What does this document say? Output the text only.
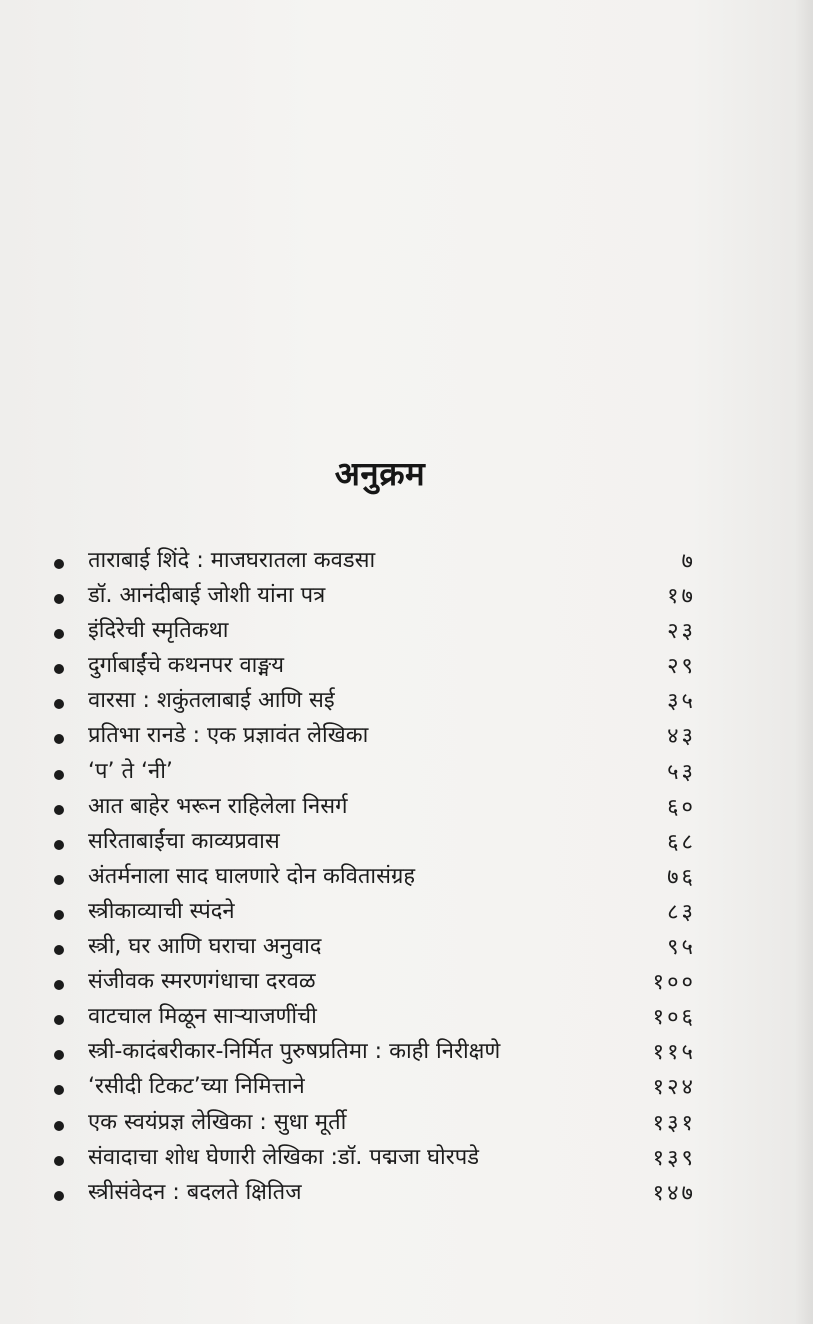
अनुक्रम
ताराबाई शिंदे : माजघरातला कवडसा	७
डॉ. आनंदीबाई जोशी यांना पत्र	१७
इंदिरेची स्मृतिकथा	२३
दुर्गाबाईंचे कथनपर वाङ्मय	२९
वारसा : शकुंतलाबाई आणि सई	३५
प्रतिभा रानडे : एक प्रज्ञावंत लेखिका	४३
‘प’ ते ‘नी’	५३
आत बाहेर भरून राहिलेला निसर्ग	६०
सरिताबाईंचा काव्यप्रवास	६८
अंतर्मनाला साद घालणारे दोन कवितासंग्रह	७६
स्त्रीकाव्याची स्पंदने	८३
स्त्री, घर आणि घराचा अनुवाद	९५
संजीवक स्मरणगंधाचा दरवळ	१००
वाटचाल मिळून साऱ्याजणींची	१०६
स्त्री-कादंबरीकार-निर्मित पुरुषप्रतिमा : काही निरीक्षणे	११५
‘रसीदी टिकट’च्या निमित्ताने	१२४
एक स्वयंप्रज्ञ लेखिका : सुधा मूर्ती	१३१
संवादाचा शोध घेणारी लेखिका :डॉ. पद्मजा घोरपडे	१३९
स्त्रीसंवेदन : बदलते क्षितिज	१४७
